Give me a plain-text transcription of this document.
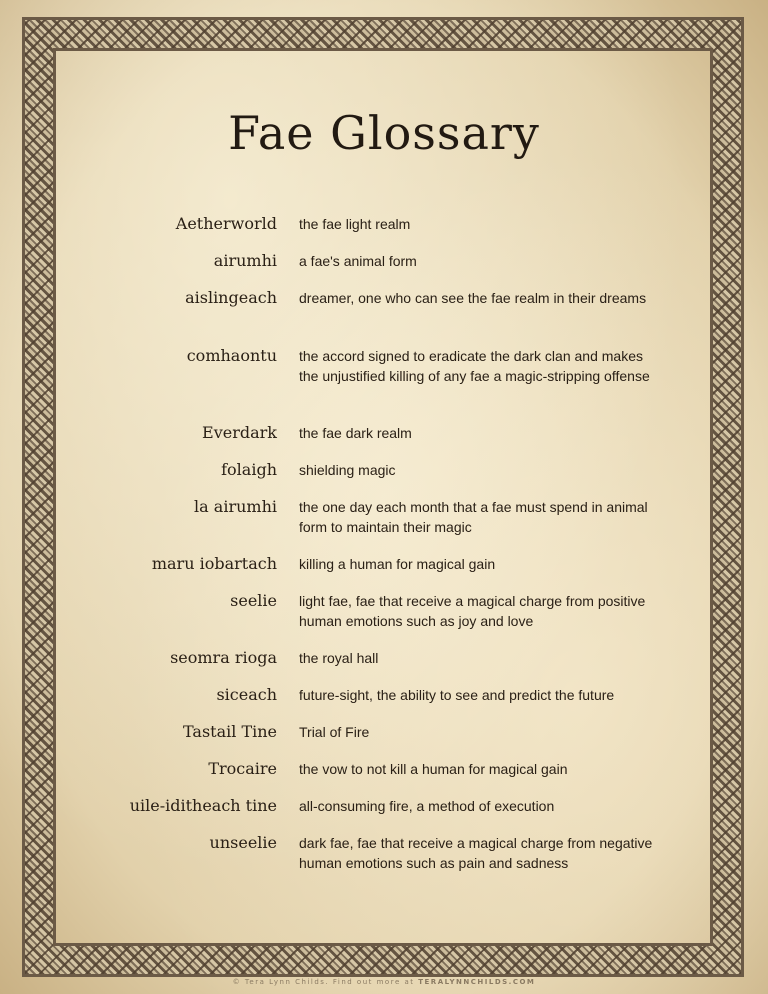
Fae Glossary
Aetherworld the fae light realm
airumhi a fae's animal form
aislingeach dreamer, one who can see the fae realm in their dreams
comhaontu the accord signed to eradicate the dark clan and makes the unjustified killing of any fae a magic-stripping offense
Everdark the fae dark realm
folaigh shielding magic
la airumhi the one day each month that a fae must spend in animal form to maintain their magic
maru iobartach killing a human for magical gain
seelie light fae, fae that receive a magical charge from positive human emotions such as joy and love
seomra rioga the royal hall
siceach future-sight, the ability to see and predict the future
Tastail Tine Trial of Fire
Trocaire the vow to not kill a human for magical gain
uile-iditheach tine all-consuming fire, a method of execution
unseelie dark fae, fae that receive a magical charge from negative human emotions such as pain and sadness
© Tera Lynn Childs. Find out more at TERALYNNCHILDS.COM
